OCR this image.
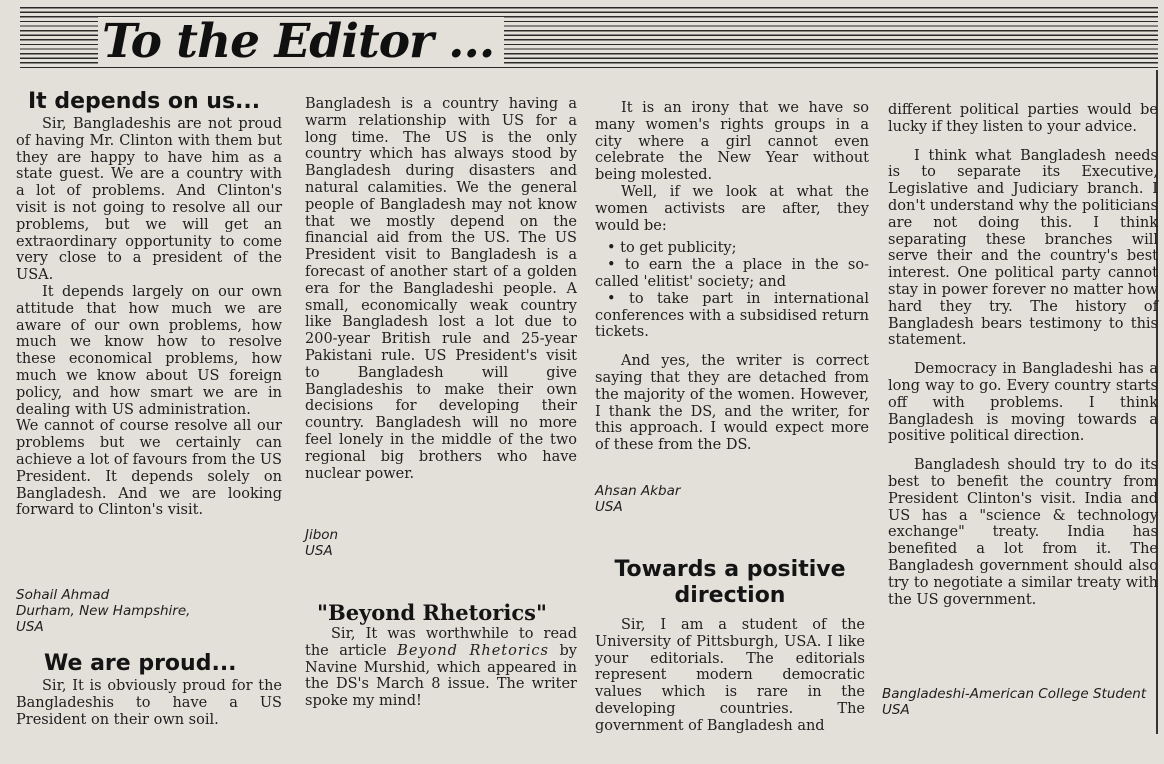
To the Editor ...
It depends on us...

Sir, Bangladeshis are not proud of having Mr. Clinton with them but they are happy to have him as a state guest. We are a country with a lot of problems. And Clinton's visit is not going to resolve all our problems, but we will get an extraordinary opportunity to come very close to a president of the USA.

It depends largely on our own attitude that how much we are aware of our own problems, how much we know how to resolve these economical problems, how much we know about US foreign policy, and how smart we are in dealing with US administration.

We cannot of course resolve all our problems but we certainly can achieve a lot of favours from the US President. It depends solely on Bangladesh. And we are looking forward to Clinton's visit.

Sohail Ahmad
Durham, New Hampshire,
USA
We are proud...

Sir, It is obviously proud for the Bangladeshis to have a US President on their own soil.

Bangladesh is a country having a warm relationship with US for a long time. The US is the only country which has always stood by Bangladesh during disasters and natural calamities. We the general people of Bangladesh may not know that we mostly depend on the financial aid from the US. The US President visit to Bangladesh is a forecast of another start of a golden era for the Bangladeshi people. A small, economically weak country like Bangladesh lost a lot due to 200-year British rule and 25-year Pakistani rule. US President's visit to Bangladesh will give Bangladeshis to make their own decisions for developing their country. Bangladesh will no more feel lonely in the middle of the two regional big brothers who have nuclear power.

Jibon
USA
"Beyond Rhetorics"

Sir, It was worthwhile to read the article Beyond Rhetorics by Navine Murshid, which appeared in the DS's March 8 issue. The writer spoke my mind!

It is an irony that we have so many women's rights groups in a city where a girl cannot even celebrate the New Year without being molested.

Well, if we look at what the women activists are after, they would be:

• to get publicity;

• to earn the a place in the so-called 'elitist' society; and

• to take part in international conferences with a subsidised return tickets.

And yes, the writer is correct saying that they are detached from the majority of the women. However, I thank the DS, and the writer, for this approach. I would expect more of these from the DS.

Ahsan Akbar
USA
Towards a positive direction

Sir, I am a student of the University of Pittsburgh, USA. I like your editorials. The editorials represent modern democratic values which is rare in the developing countries. The government of Bangladesh and

different political parties would be lucky if they listen to your advice.

I think what Bangladesh needs is to separate its Executive, Legislative and Judiciary branch. I don't understand why the politicians are not doing this. I think separating these branches will serve their and the country's best interest. One political party cannot stay in power forever no matter how hard they try. The history of Bangladesh bears testimony to this statement.

Democracy in Bangladeshi has a long way to go. Every country starts off with problems. I think Bangladesh is moving towards a positive political direction.

Bangladesh should try to do its best to benefit the country from President Clinton's visit. India and US has a "science & technology exchange" treaty. India has benefited a lot from it. The Bangladesh government should also try to negotiate a similar treaty with the US government.

Bangladeshi-American College Student
USA
